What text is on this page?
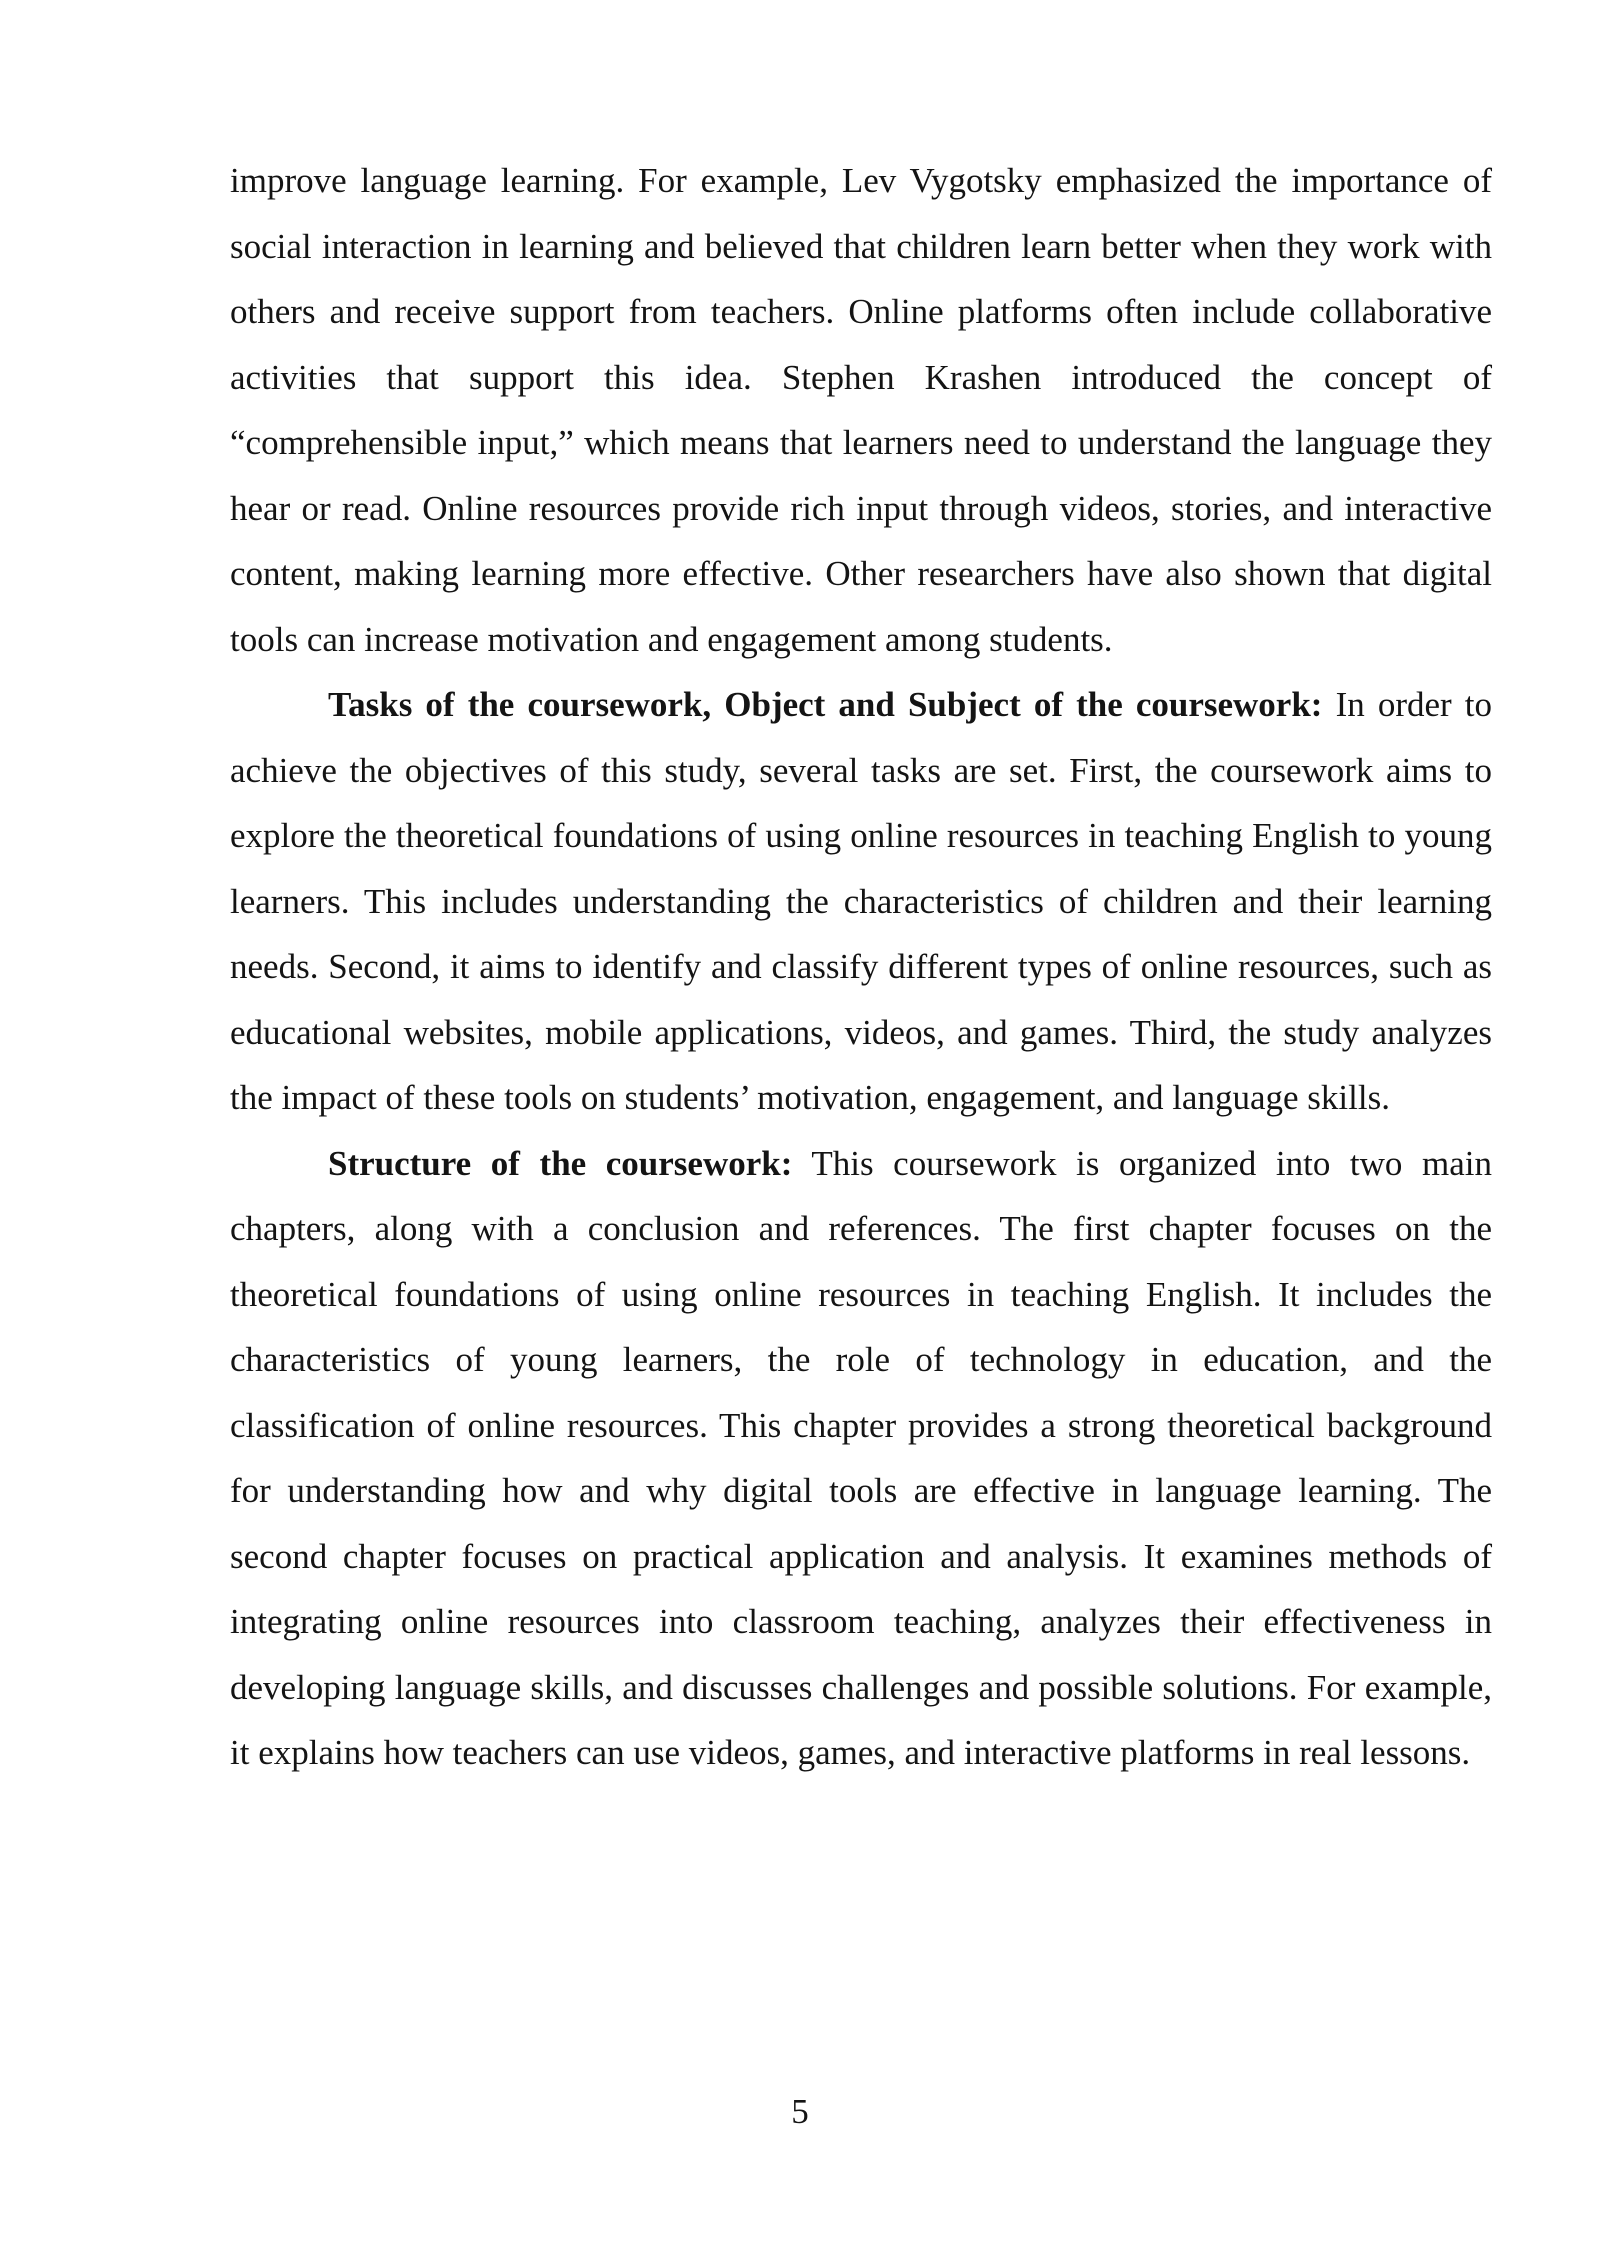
improve language learning. For example, Lev Vygotsky emphasized the importance of social interaction in learning and believed that children learn better when they work with others and receive support from teachers. Online platforms often include collaborative activities that support this idea. Stephen Krashen introduced the concept of “comprehensible input,” which means that learners need to understand the language they hear or read. Online resources provide rich input through videos, stories, and interactive content, making learning more effective. Other researchers have also shown that digital tools can increase motivation and engagement among students.

Tasks of the coursework, Object and Subject of the coursework: In order to achieve the objectives of this study, several tasks are set. First, the coursework aims to explore the theoretical foundations of using online resources in teaching English to young learners. This includes understanding the characteristics of children and their learning needs. Second, it aims to identify and classify different types of online resources, such as educational websites, mobile applications, videos, and games. Third, the study analyzes the impact of these tools on students’ motivation, engagement, and language skills.

Structure of the coursework: This coursework is organized into two main chapters, along with a conclusion and references. The first chapter focuses on the theoretical foundations of using online resources in teaching English. It includes the characteristics of young learners, the role of technology in education, and the classification of online resources. This chapter provides a strong theoretical background for understanding how and why digital tools are effective in language learning. The second chapter focuses on practical application and analysis. It examines methods of integrating online resources into classroom teaching, analyzes their effectiveness in developing language skills, and discusses challenges and possible solutions. For example, it explains how teachers can use videos, games, and interactive platforms in real lessons.

5
